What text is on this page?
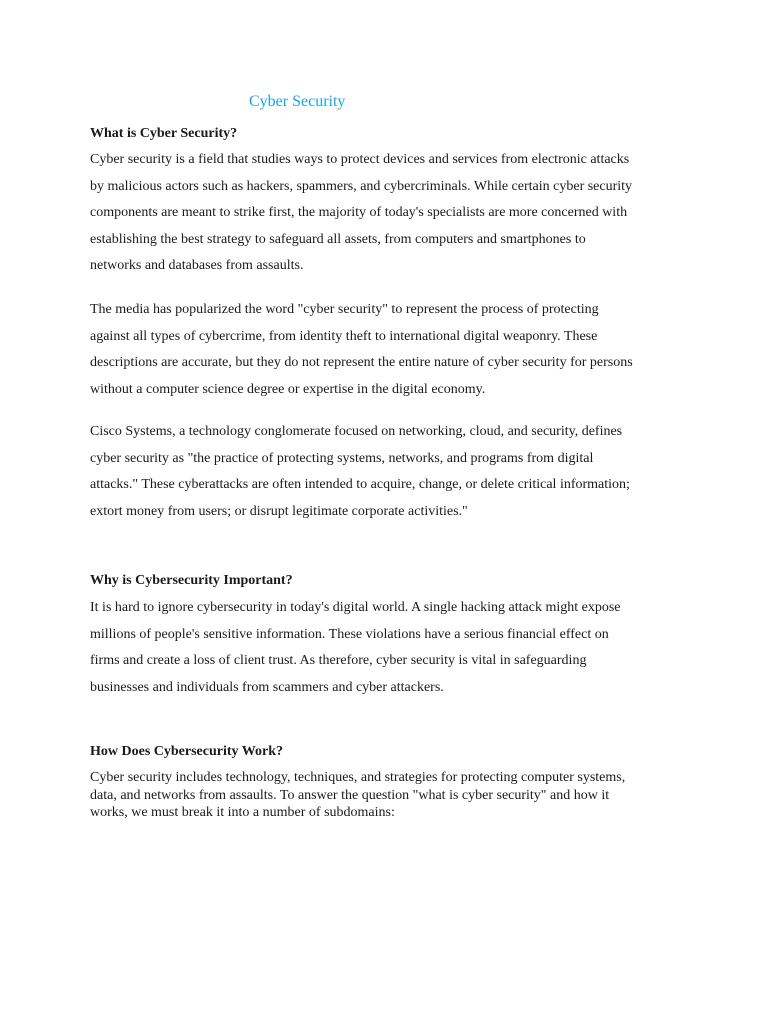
Cyber Security
What is Cyber Security?

Cyber security is a field that studies ways to protect devices and services from electronic attacks

by malicious actors such as hackers, spammers, and cybercriminals. While certain cyber security

components are meant to strike first, the majority of today's specialists are more concerned with

establishing the best strategy to safeguard all assets, from computers and smartphones to

networks and databases from assaults.

The media has popularized the word "cyber security" to represent the process of protecting

against all types of cybercrime, from identity theft to international digital weaponry. These

descriptions are accurate, but they do not represent the entire nature of cyber security for persons

without a computer science degree or expertise in the digital economy.

Cisco Systems, a technology conglomerate focused on networking, cloud, and security, defines

cyber security as "the practice of protecting systems, networks, and programs from digital

attacks." These cyberattacks are often intended to acquire, change, or delete critical information;

extort money from users; or disrupt legitimate corporate activities."

Why is Cybersecurity Important?

It is hard to ignore cybersecurity in today's digital world. A single hacking attack might expose

millions of people's sensitive information. These violations have a serious financial effect on

firms and create a loss of client trust. As therefore, cyber security is vital in safeguarding

businesses and individuals from scammers and cyber attackers.

How Does Cybersecurity Work?

Cyber security includes technology, techniques, and strategies for protecting computer systems,

data, and networks from assaults. To answer the question "what is cyber security" and how it

works, we must break it into a number of subdomains:
